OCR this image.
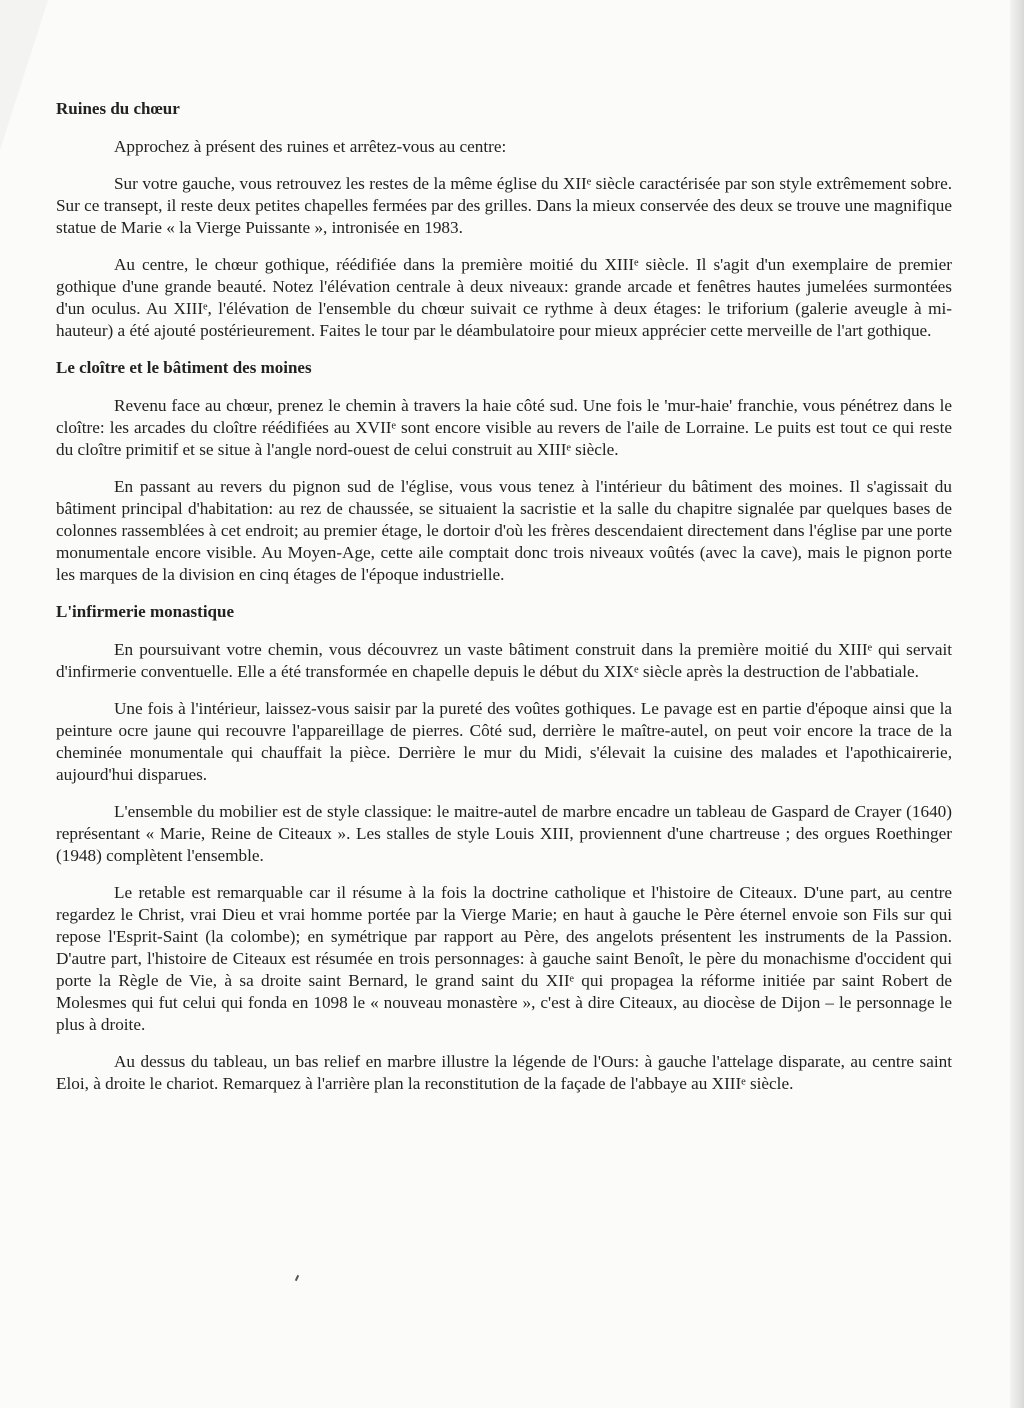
Ruines du chœur

Approchez à présent des ruines et arrêtez-vous au centre:

Sur votre gauche, vous retrouvez les restes de la même église du XIIᵉ siècle caractérisée par son style extrêmement sobre. Sur ce transept, il reste deux petites chapelles fermées par des grilles. Dans la mieux conservée des deux se trouve une magnifique statue de Marie « la Vierge Puissante », intronisée en 1983.

Au centre, le chœur gothique, réédifiée dans la première moitié du XIIIᵉ siècle. Il s'agit d'un exemplaire de premier gothique d'une grande beauté. Notez l'élévation centrale à deux niveaux: grande arcade et fenêtres hautes jumelées surmontées d'un oculus. Au XIIIᵉ, l'élévation de l'ensemble du chœur suivait ce rythme à deux étages: le triforium (galerie aveugle à mi-hauteur) a été ajouté postérieurement. Faites le tour par le déambulatoire pour mieux apprécier cette merveille de l'art gothique.

Le cloître et le bâtiment des moines

Revenu face au chœur, prenez le chemin à travers la haie côté sud. Une fois le 'mur-haie' franchie, vous pénétrez dans le cloître: les arcades du cloître réédifiées au XVIIᵉ sont encore visible au revers de l'aile de Lorraine. Le puits est tout ce qui reste du cloître primitif et se situe à l'angle nord-ouest de celui construit au XIIIᵉ siècle.

En passant au revers du pignon sud de l'église, vous vous tenez à l'intérieur du bâtiment des moines. Il s'agissait du bâtiment principal d'habitation: au rez de chaussée, se situaient la sacristie et la salle du chapitre signalée par quelques bases de colonnes rassemblées à cet endroit; au premier étage, le dortoir d'où les frères descendaient directement dans l'église par une porte monumentale encore visible. Au Moyen-Age, cette aile comptait donc trois niveaux voûtés (avec la cave), mais le pignon porte les marques de la division en cinq étages de l'époque industrielle.

L'infirmerie monastique

En poursuivant votre chemin, vous découvrez un vaste bâtiment construit dans la première moitié du XIIIᵉ qui servait d'infirmerie conventuelle. Elle a été transformée en chapelle depuis le début du XIXᵉ siècle après la destruction de l'abbatiale.

Une fois à l'intérieur, laissez-vous saisir par la pureté des voûtes gothiques. Le pavage est en partie d'époque ainsi que la peinture ocre jaune qui recouvre l'appareillage de pierres. Côté sud, derrière le maître-autel, on peut voir encore la trace de la cheminée monumentale qui chauffait la pièce. Derrière le mur du Midi, s'élevait la cuisine des malades et l'apothicairerie, aujourd'hui disparues.

L'ensemble du mobilier est de style classique: le maitre-autel de marbre encadre un tableau de Gaspard de Crayer (1640) représentant « Marie, Reine de Citeaux ». Les stalles de style Louis XIII, proviennent d'une chartreuse ; des orgues Roethinger (1948) complètent l'ensemble.

Le retable est remarquable car il résume à la fois la doctrine catholique et l'histoire de Citeaux. D'une part, au centre regardez le Christ, vrai Dieu et vrai homme portée par la Vierge Marie; en haut à gauche le Père éternel envoie son Fils sur qui repose l'Esprit-Saint (la colombe); en symétrique par rapport au Père, des angelots présentent les instruments de la Passion. D'autre part, l'histoire de Citeaux est résumée en trois personnages: à gauche saint Benoît, le père du monachisme d'occident qui porte la Règle de Vie, à sa droite saint Bernard, le grand saint du XIIᵉ qui propagea la réforme initiée par saint Robert de Molesmes qui fut celui qui fonda en 1098 le « nouveau monastère », c'est à dire Citeaux, au diocèse de Dijon – le personnage le plus à droite.

Au dessus du tableau, un bas relief en marbre illustre la légende de l'Ours: à gauche l'attelage disparate, au centre saint Eloi, à droite le chariot. Remarquez à l'arrière plan la reconstitution de la façade de l'abbaye au XIIIᵉ siècle.
